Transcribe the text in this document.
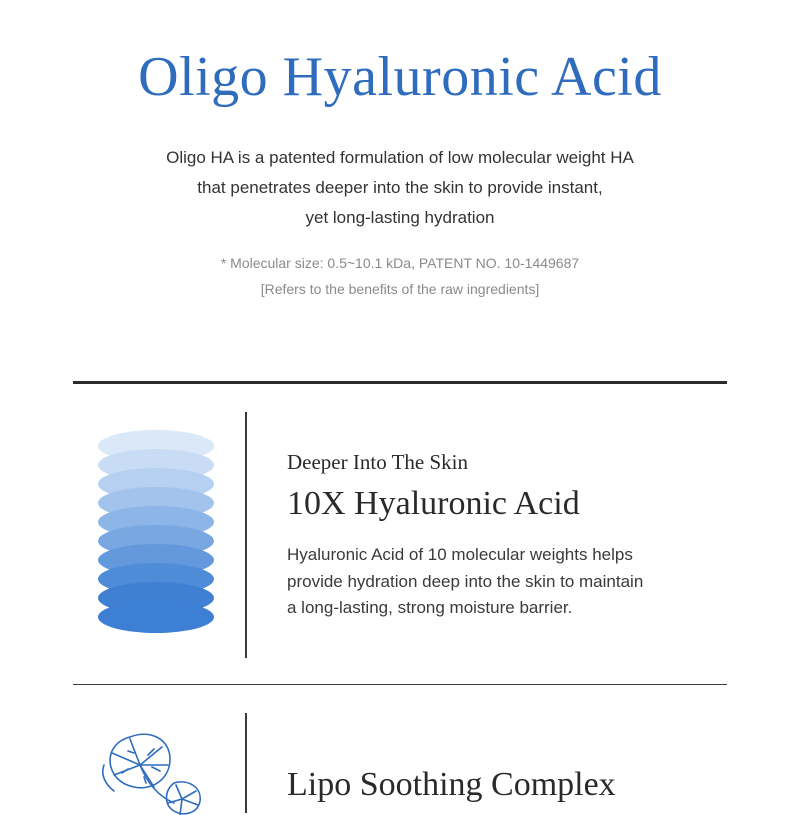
Oligo Hyaluronic Acid
Oligo HA is a patented formulation of low molecular weight HA
that penetrates deeper into the skin to provide instant,
yet long-lasting hydration
* Molecular size: 0.5~10.1 kDa, PATENT NO. 10-1449687
[Refers to the benefits of the raw ingredients]
Deeper Into The Skin
10X Hyaluronic Acid
Hyaluronic Acid of 10 molecular weights helps
provide hydration deep into the skin to maintain
a long-lasting, strong moisture barrier.
Lipo Soothing Complex
